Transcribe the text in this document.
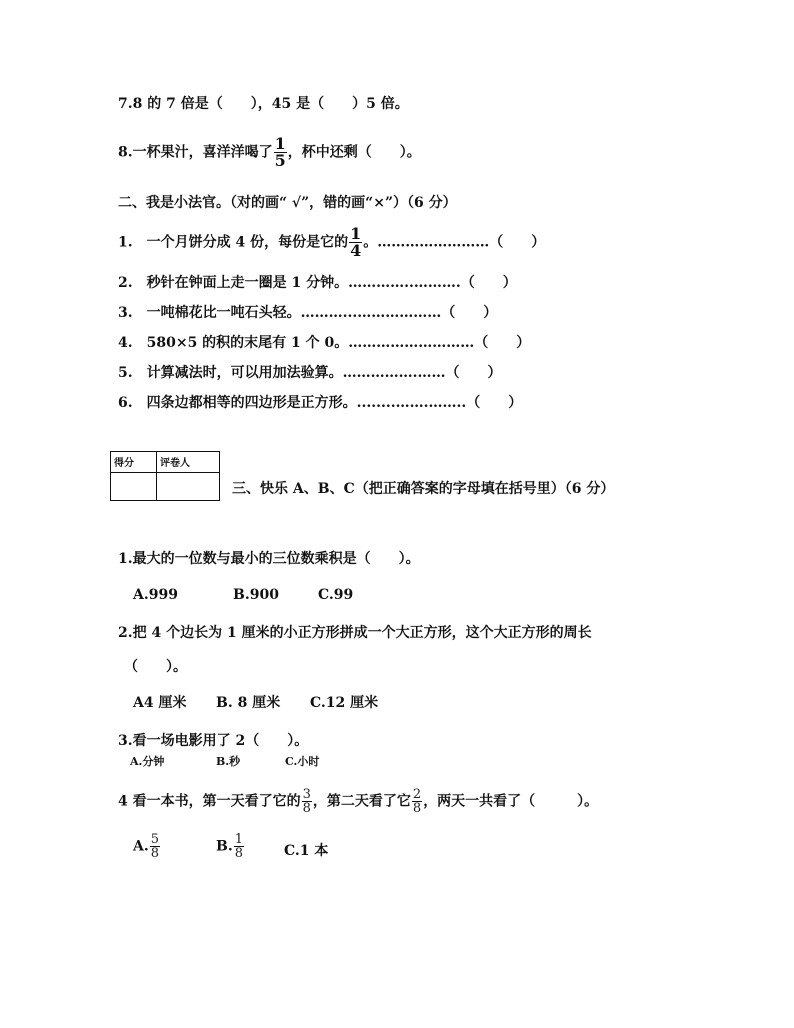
7.8 的 7 倍是（　　），45 是（　　）5 倍。
8.一杯果汁，喜洋洋喝了 $\frac{1}{5}$ ，杯中还剩（　　）。
二、我是小法官。（对的画“ √”，错的画“×”）（6 分）
1.　一个月饼分成 4 份，每份是它的 $\frac{1}{4}$ 。……………………（　　）
2.　秒针在钟面上走一圈是 1 分钟。…………..……….（　　）
3.　一吨棉花比一吨石头轻。………...………………（　　）
4.　580×5 的积的末尾有 1 个 0。………………………（　　）
5.　计算减法时，可以用加法验算。…………….……（　　）
6.　四条边都相等的四边形是正方形。........…….……..（　　）
得分	评卷人

三、快乐 A、B、C（把正确答案的字母填在括号里）（6 分）
1.最大的一位数与最小的三位数乘积是（　　）。
A.999	B.900	C.99
2.把 4 个边长为 1 厘米的小正方形拼成一个大正方形，这个大正方形的周长
（　　）。
A4 厘米 B. 8 厘米 C.12 厘米
3.看一场电影用了 2（　　）。
A.分钟	B.秒	C.小时
4 看一本书，第一天看了它的 $\frac{3}{8}$ ，第二天看了它 $\frac{2}{8}$ ，两天一共看了（　　　）。
A. $\frac{5}{8}$	B. $\frac{1}{8}$	C.1 本
